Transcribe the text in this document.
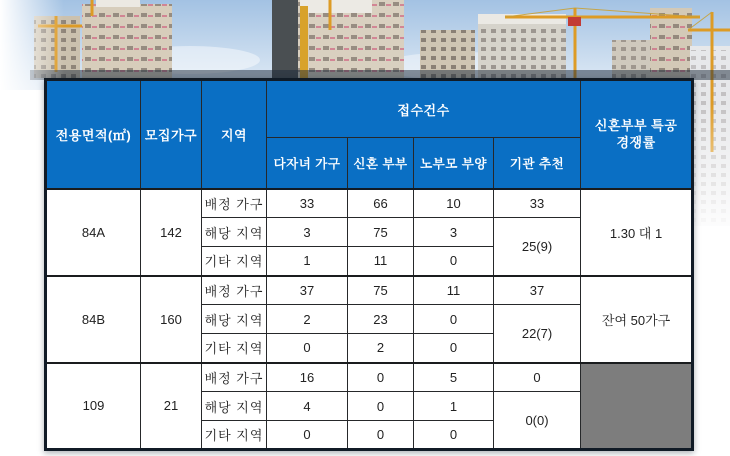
전용면적(㎡)	모집가구	지역	접수건수				신혼부부 특공
경쟁률

			다자녀 가구	신혼 부부	노부모 부양	기관 추천	
84A	142	배정 가구	33	66	10	33	1.30 대 1
		해당 지역	3	75	3	25(9)	
		기타 지역	1	11	0		
84B	160	배정 가구	37	75	11	37	잔여 50가구
		해당 지역	2	23	0	22(7)	
		기타 지역	0	2	0		
109	21	배정 가구	16	0	5	0	
		해당 지역	4	0	1	0(0)	
		기타 지역	0	0	0		
